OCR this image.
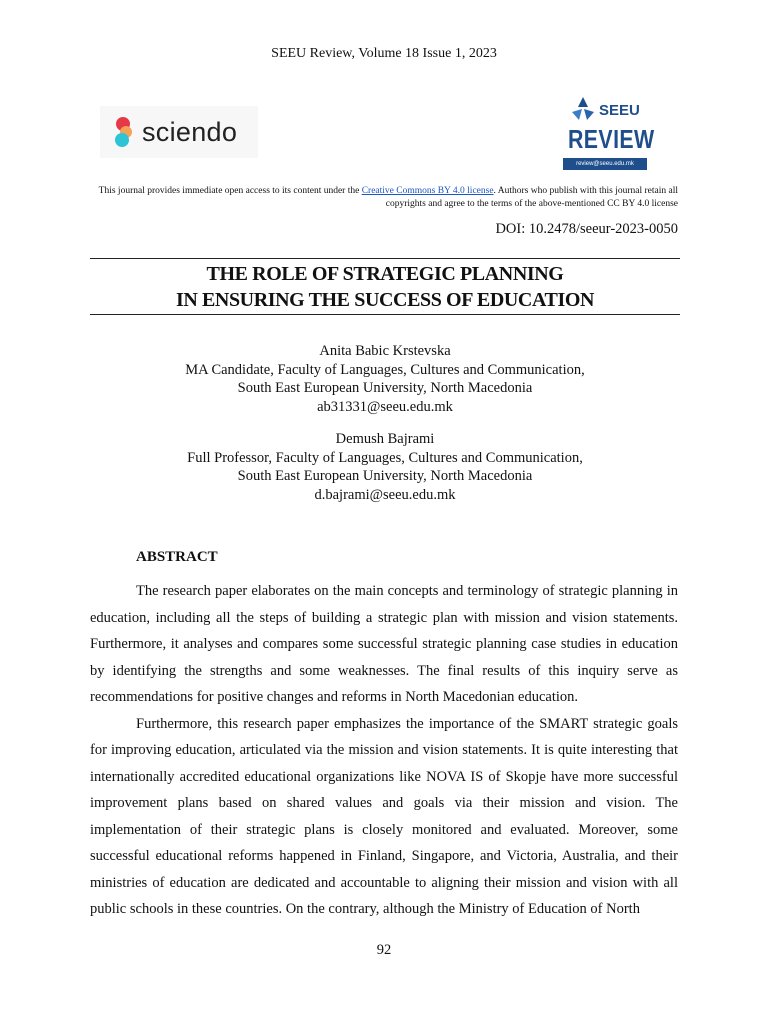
SEEU Review, Volume 18 Issue 1, 2023
sciendo
SEEU
REVIEW
review@seeu.edu.mk
This journal provides immediate open access to its content under the Creative Commons BY 4.0 license. Authors who publish with this journal retain all copyrights and agree to the terms of the above-mentioned CC BY 4.0 license
DOI: 10.2478/seeur-2023-0050
THE ROLE OF STRATEGIC PLANNING
IN ENSURING THE SUCCESS OF EDUCATION
Anita Babic Krstevska
MA Candidate, Faculty of Languages, Cultures and Communication,
South East European University, North Macedonia
ab31331@seeu.edu.mk
Demush Bajrami
Full Professor, Faculty of Languages, Cultures and Communication,
South East European University, North Macedonia
d.bajrami@seeu.edu.mk
ABSTRACT

The research paper elaborates on the main concepts and terminology of strategic planning in education, including all the steps of building a strategic plan with mission and vision statements. Furthermore, it analyses and compares some successful strategic planning case studies in education by identifying the strengths and some weaknesses. The final results of this inquiry serve as recommendations for positive changes and reforms in North Macedonian education.

Furthermore, this research paper emphasizes the importance of the SMART strategic goals for improving education, articulated via the mission and vision statements. It is quite interesting that internationally accredited educational organizations like NOVA IS of Skopje have more successful improvement plans based on shared values and goals via their mission and vision. The implementation of their strategic plans is closely monitored and evaluated. Moreover, some successful educational reforms happened in Finland, Singapore, and Victoria, Australia, and their ministries of education are dedicated and accountable to aligning their mission and vision with all public schools in these countries. On the contrary, although the Ministry of Education of North

92
